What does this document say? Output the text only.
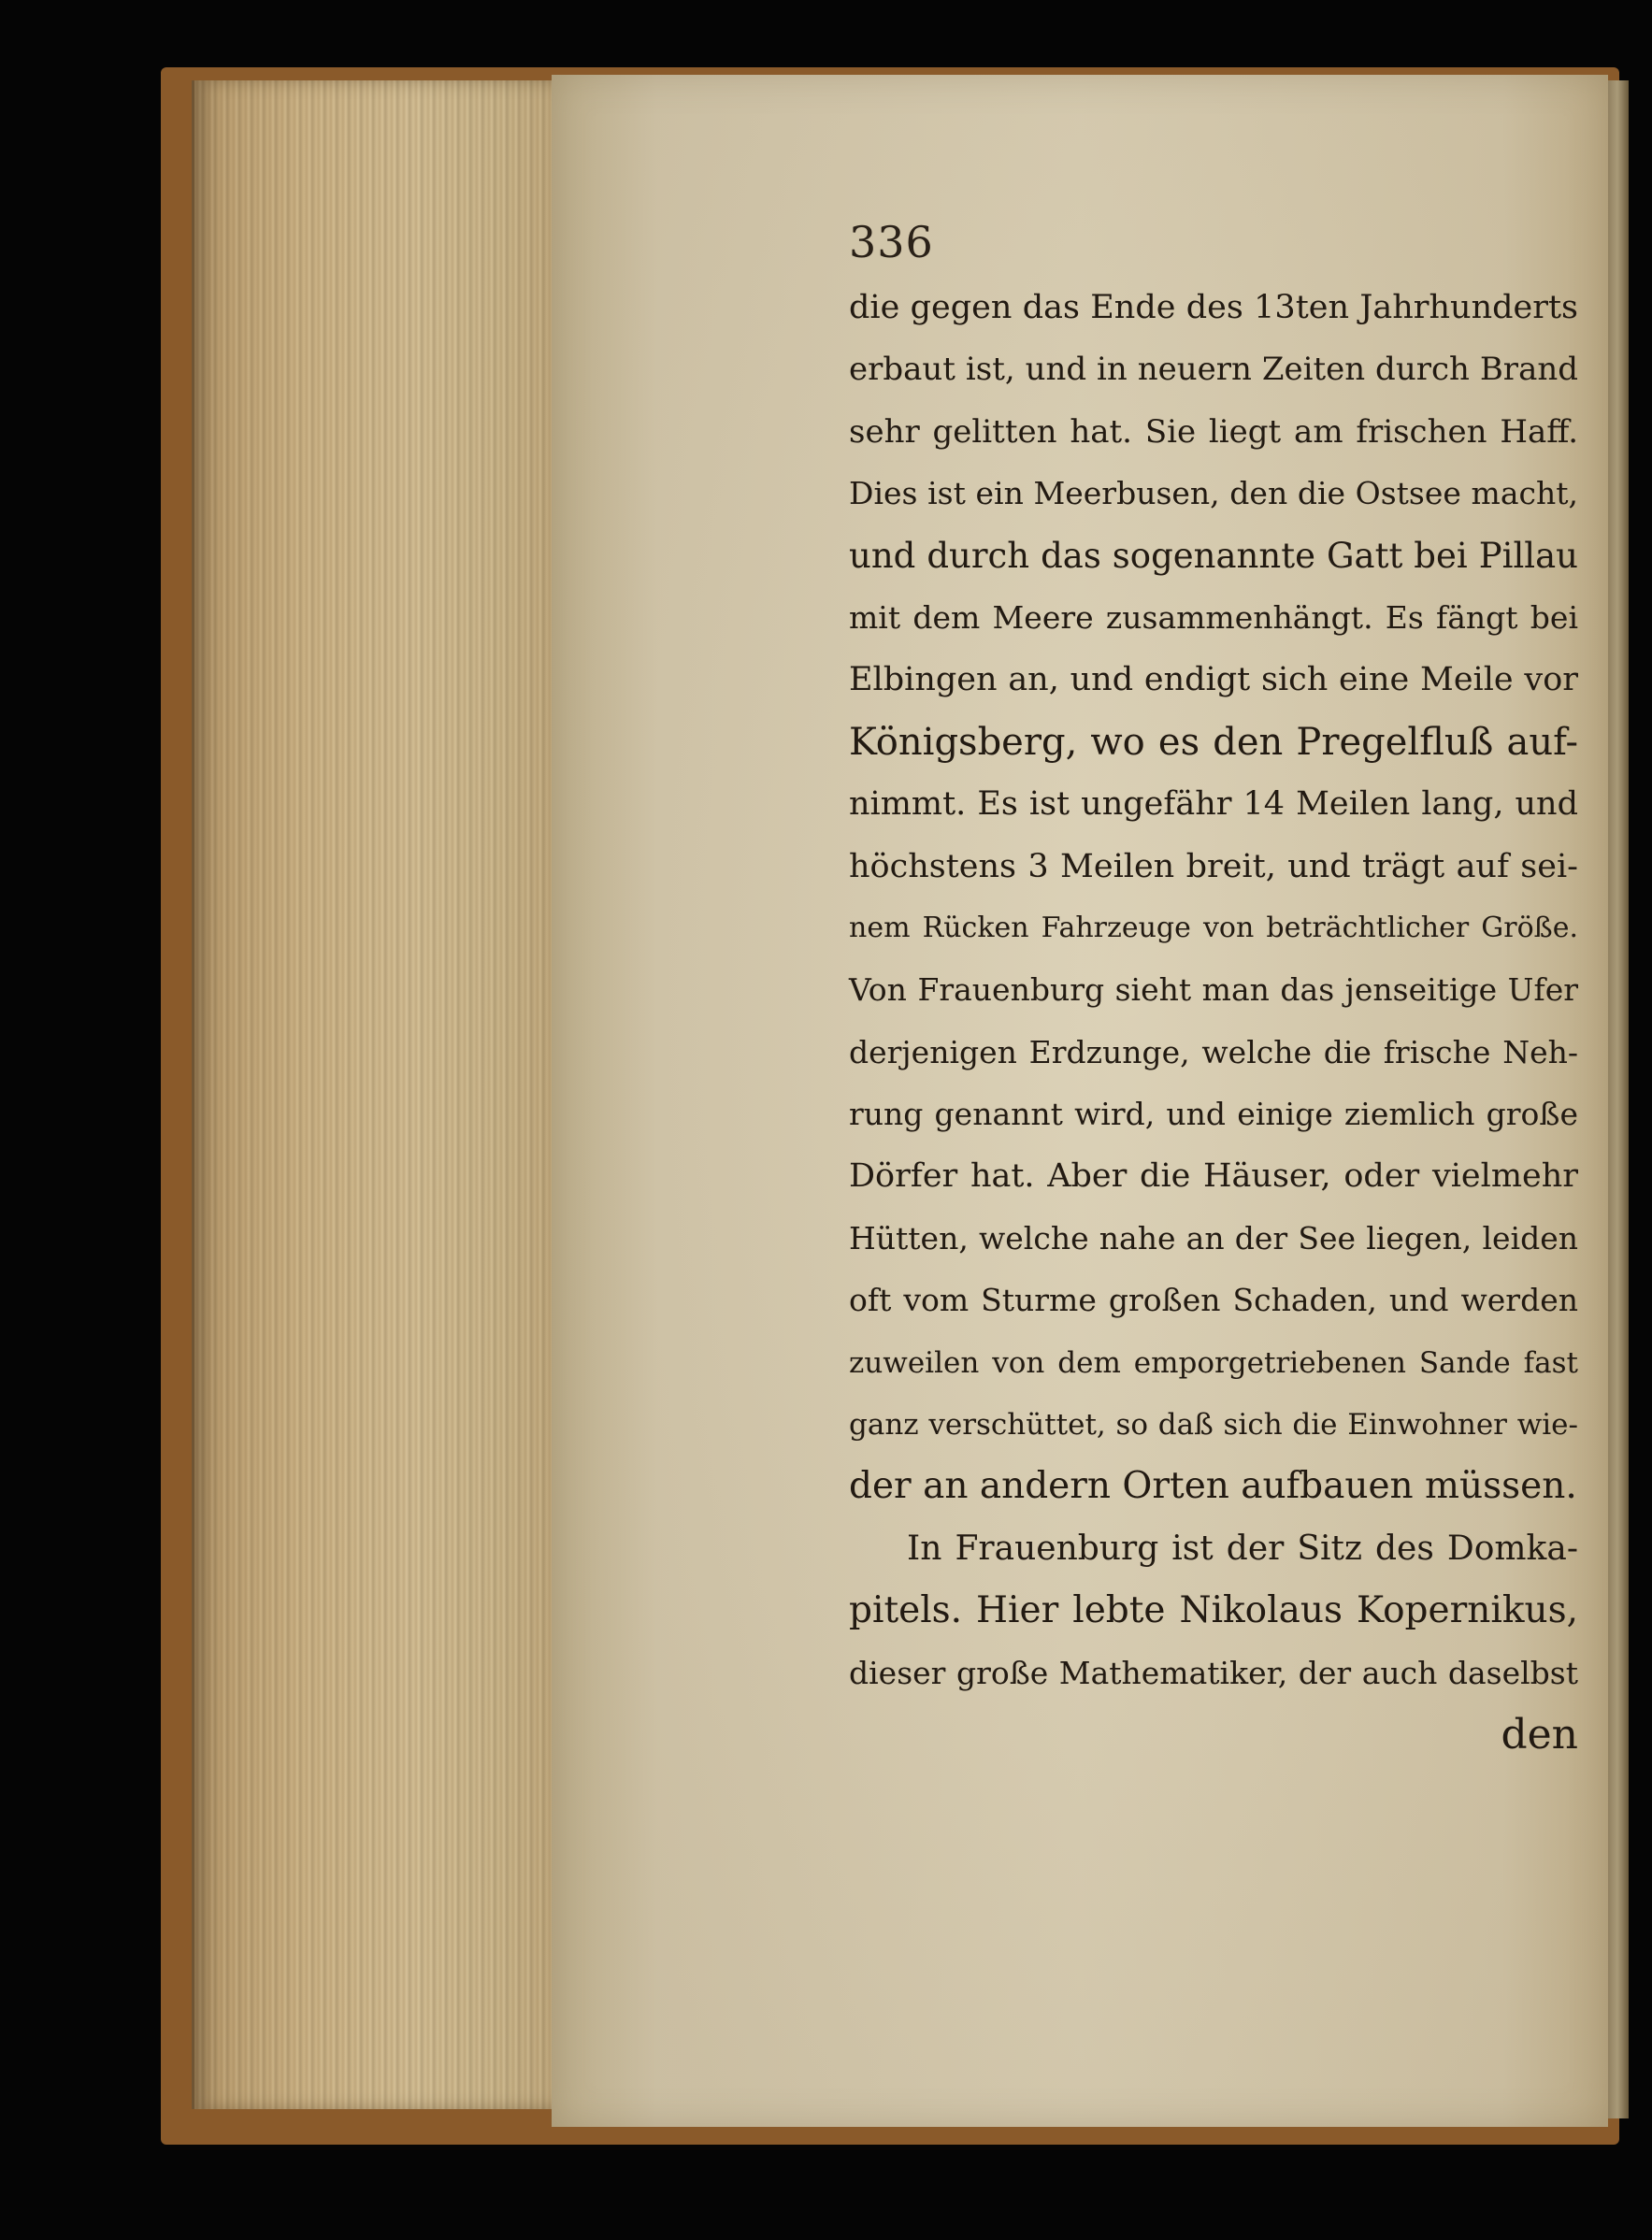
336

die gegen das Ende des 13ten Jahrhunderts
erbaut ist, und in neuern Zeiten durch Brand
sehr gelitten hat. Sie liegt am frischen Haff.
Dies ist ein Meerbusen, den die Ostsee macht,
und durch das sogenannte Gatt bei Pillau
mit dem Meere zusammenhängt. Es fängt bei
Elbingen an, und endigt sich eine Meile vor
Königsberg, wo es den Pregelfluß auf-
nimmt. Es ist ungefähr 14 Meilen lang, und
höchstens 3 Meilen breit, und trägt auf sei-
nem Rücken Fahrzeuge von beträchtlicher Größe.
Von Frauenburg sieht man das jenseitige Ufer
derjenigen Erdzunge, welche die frische Neh-
rung genannt wird, und einige ziemlich große
Dörfer hat. Aber die Häuser, oder vielmehr
Hütten, welche nahe an der See liegen, leiden
oft vom Sturme großen Schaden, und werden
zuweilen von dem emporgetriebenen Sande fast
ganz verschüttet, so daß sich die Einwohner wie-
der an andern Orten aufbauen müssen.
In Frauenburg ist der Sitz des Domka-
pitels. Hier lebte Nikolaus Kopernikus,
dieser große Mathematiker, der auch daselbst
den
